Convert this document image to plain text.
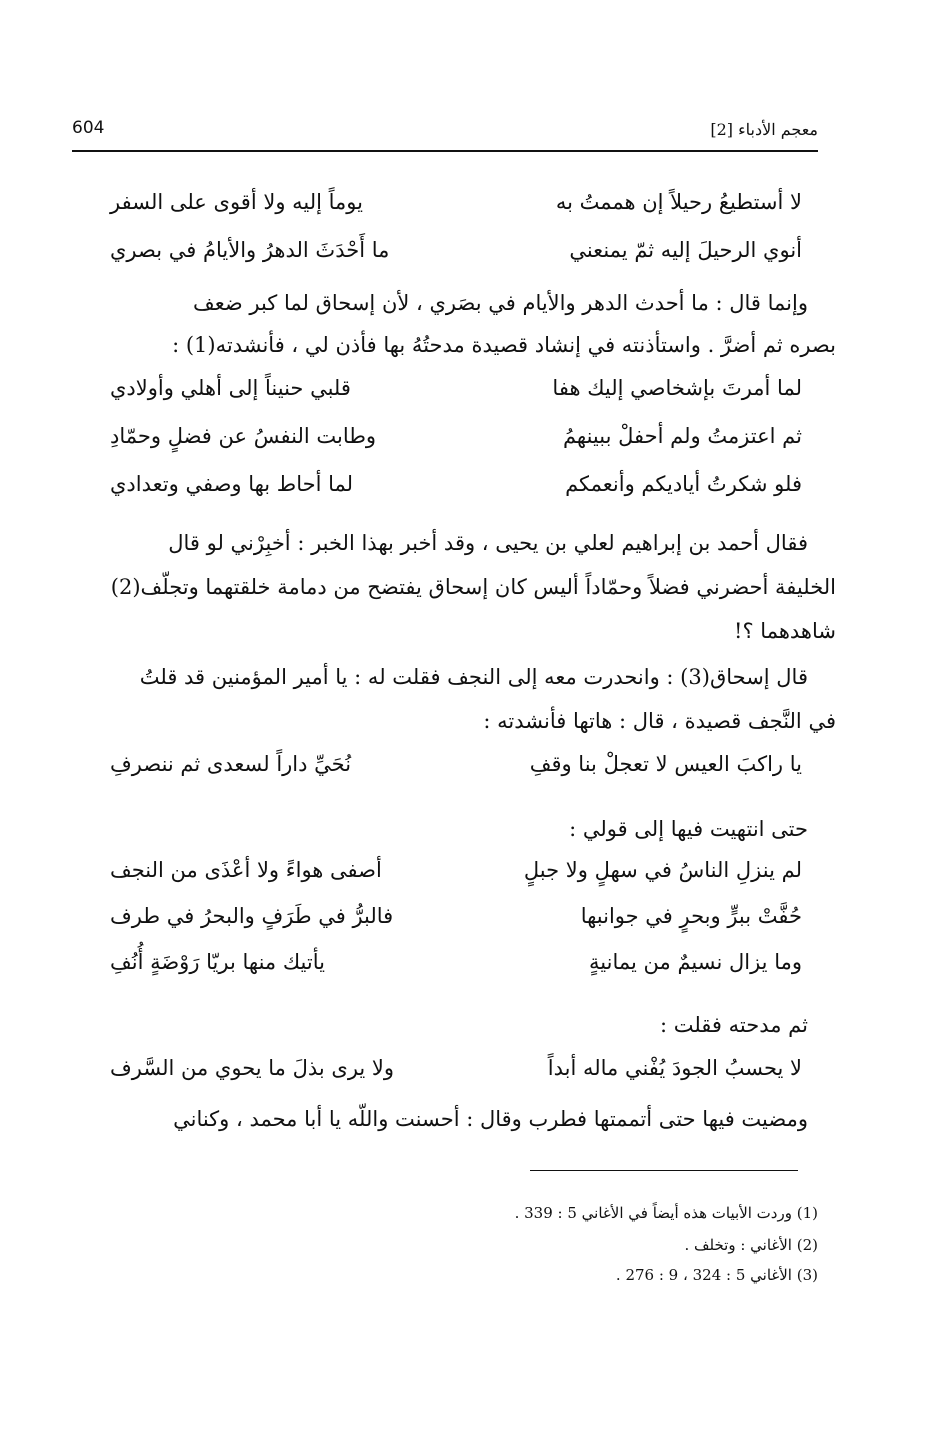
604	معجم الأدباء [2]
لا أستطيعُ رحيلاً إن هممتُ به
يوماً إليه ولا أقوى على السفر
أنوي الرحيلَ إليه ثمّ يمنعني
ما أَحْدَثَ الدهرُ والأيامُ في بصري
وإنما قال : ما أحدث الدهر والأيام في بصَري ، لأن إسحاق لما كبر ضعف
بصره ثم أضرَّ . واستأذنته في إنشاد قصيدة مدحتُهُ بها فأذن لي ، فأنشدته(1) :
لما أمرتَ بإشخاصي إليك هفا
قلبي حنيناً إلى أهلي وأولادي
ثم اعتزمتُ ولم أحفلْ ببينهمُ
وطابت النفسُ عن فضلٍ وحمّادِ
فلو شكرتُ أياديكم وأنعمكم
لما أحاط بها وصفي وتعدادي
فقال أحمد بن إبراهيم لعلي بن يحيى ، وقد أخبر بهذا الخبر : أخبِرْني لو قال
الخليفة أحضرني فضلاً وحمّاداً أليس كان إسحاق يفتضح من دمامة خلقتهما وتجلّف(2)
شاهدهما ؟!
قال إسحاق(3) : وانحدرت معه إلى النجف فقلت له : يا أمير المؤمنين قد قلتُ
في النَّجف قصيدة ، قال : هاتها فأنشدته :
يا راكبَ العيس لا تعجلْ بنا وقفِ
نُحَيِّ داراً لسعدى ثم ننصرفِ
حتى انتهيت فيها إلى قولي :
لم ينزلِ الناسُ في سهلٍ ولا جبلٍ
أصفى هواءً ولا أعْذَى من النجف
حُفَّتْ ببرٍّ وبحرٍ في جوانبها
فالبرُّ في طَرَفٍ والبحرُ في طرف
وما يزال نسيمٌ من يمانيةٍ
يأتيك منها بريّا رَوْضَةٍ أُنُفِ
ثم مدحته فقلت :
لا يحسبُ الجودَ يُفْني ماله أبداً
ولا يرى بذلَ ما يحوي من السَّرف
ومضيت فيها حتى أتممتها فطرب وقال : أحسنت واللّه يا أبا محمد ، وكناني
(1) وردت الأبيات هذه أيضاً في الأغاني 5 : 339 .
(2) الأغاني : وتخلف .
(3) الأغاني 5 : 324 ، 9 : 276 .
